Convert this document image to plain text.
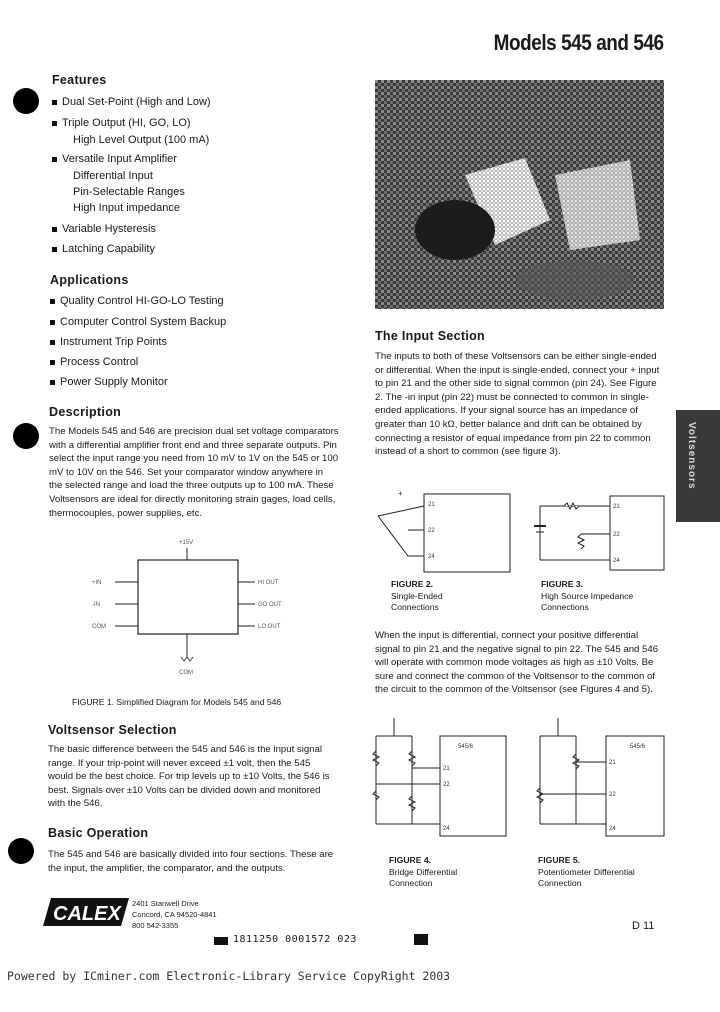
Models 545 and 546
Features
Dual Set-Point (High and Low)
Triple Output (HI, GO, LO)
High Level Output (100 mA)
Versatile Input Amplifier
Differential Input
Pin-Selectable Ranges
High Input impedance
Variable Hysteresis
Latching Capability
Applications
Quality Control HI-GO-LO Testing
Computer Control System Backup
Instrument Trip Points
Process Control
Power Supply Monitor
Description
The Models 545 and 546 are precision dual set voltage comparators with a differential amplifier front end and three separate outputs. Pin select the input range you need from 10 mV to 1V on the 545 or 100 mV to 10V on the 546. Set your comparator window anywhere in the selected range and load the three outputs up to 100 mA. These Voltsensors are ideal for directly monitoring strain gages, load cells, thermocouples, power supplies, etc.
+15V
COM
+IN
-IN
COM
HI OUT
GO OUT
LO OUT
FIGURE 1. Simplified Diagram for Models 545 and 546
Voltsensor Selection
The basic difference between the 545 and 546 is the input signal range. If your trip-point will never exceed ±1 volt, then the 545 would be the best choice. For trip levels up to ±10 Volts, the 546 is best. Signals over ±10 Volts can be divided down and monitored with the 546.
Basic Operation
The 545 and 546 are basically divided into four sections. These are the input, the amplifier, the comparator, and the outputs.
CALEX 2401 Stanwell Drive
Concord, CA 94520-4841
800 542-3355
1811250 0001572 023
D 11
Voltsensors
The Input Section
The inputs to both of these Voltsensors can be either single-ended or differential. When the input is single-ended, connect your + input to pin 21 and the other side to signal common (pin 24). See Figure 2. The -in input (pin 22) must be connected to common in single-ended applications. If your signal source has an impedance of greater than 10 kΩ, better balance and drift can be obtained by connecting a resistor of equal impedance from pin 22 to common instead of a short to common (see figure 3).
+
21
22
24
FIGURE 2.
Single-Ended
Connections
21
22
24
FIGURE 3.
High Source Impedance
Connections
When the input is differential, connect your positive differential signal to pin 21 and the negative signal to pin 22. The 545 and 546 will operate with common mode voltages as high as ±10 Volts. Be sure and connect the common of the Voltsensor to the common of the circuit to the common of the Voltsensor (see Figures 4 and 5).
545/6
21
22
24
FIGURE 4.
Bridge Differential
Connection
545/6
21
22
24
FIGURE 5.
Potentiometer Differential
Connection
Powered by ICminer.com Electronic-Library Service CopyRight 2003
